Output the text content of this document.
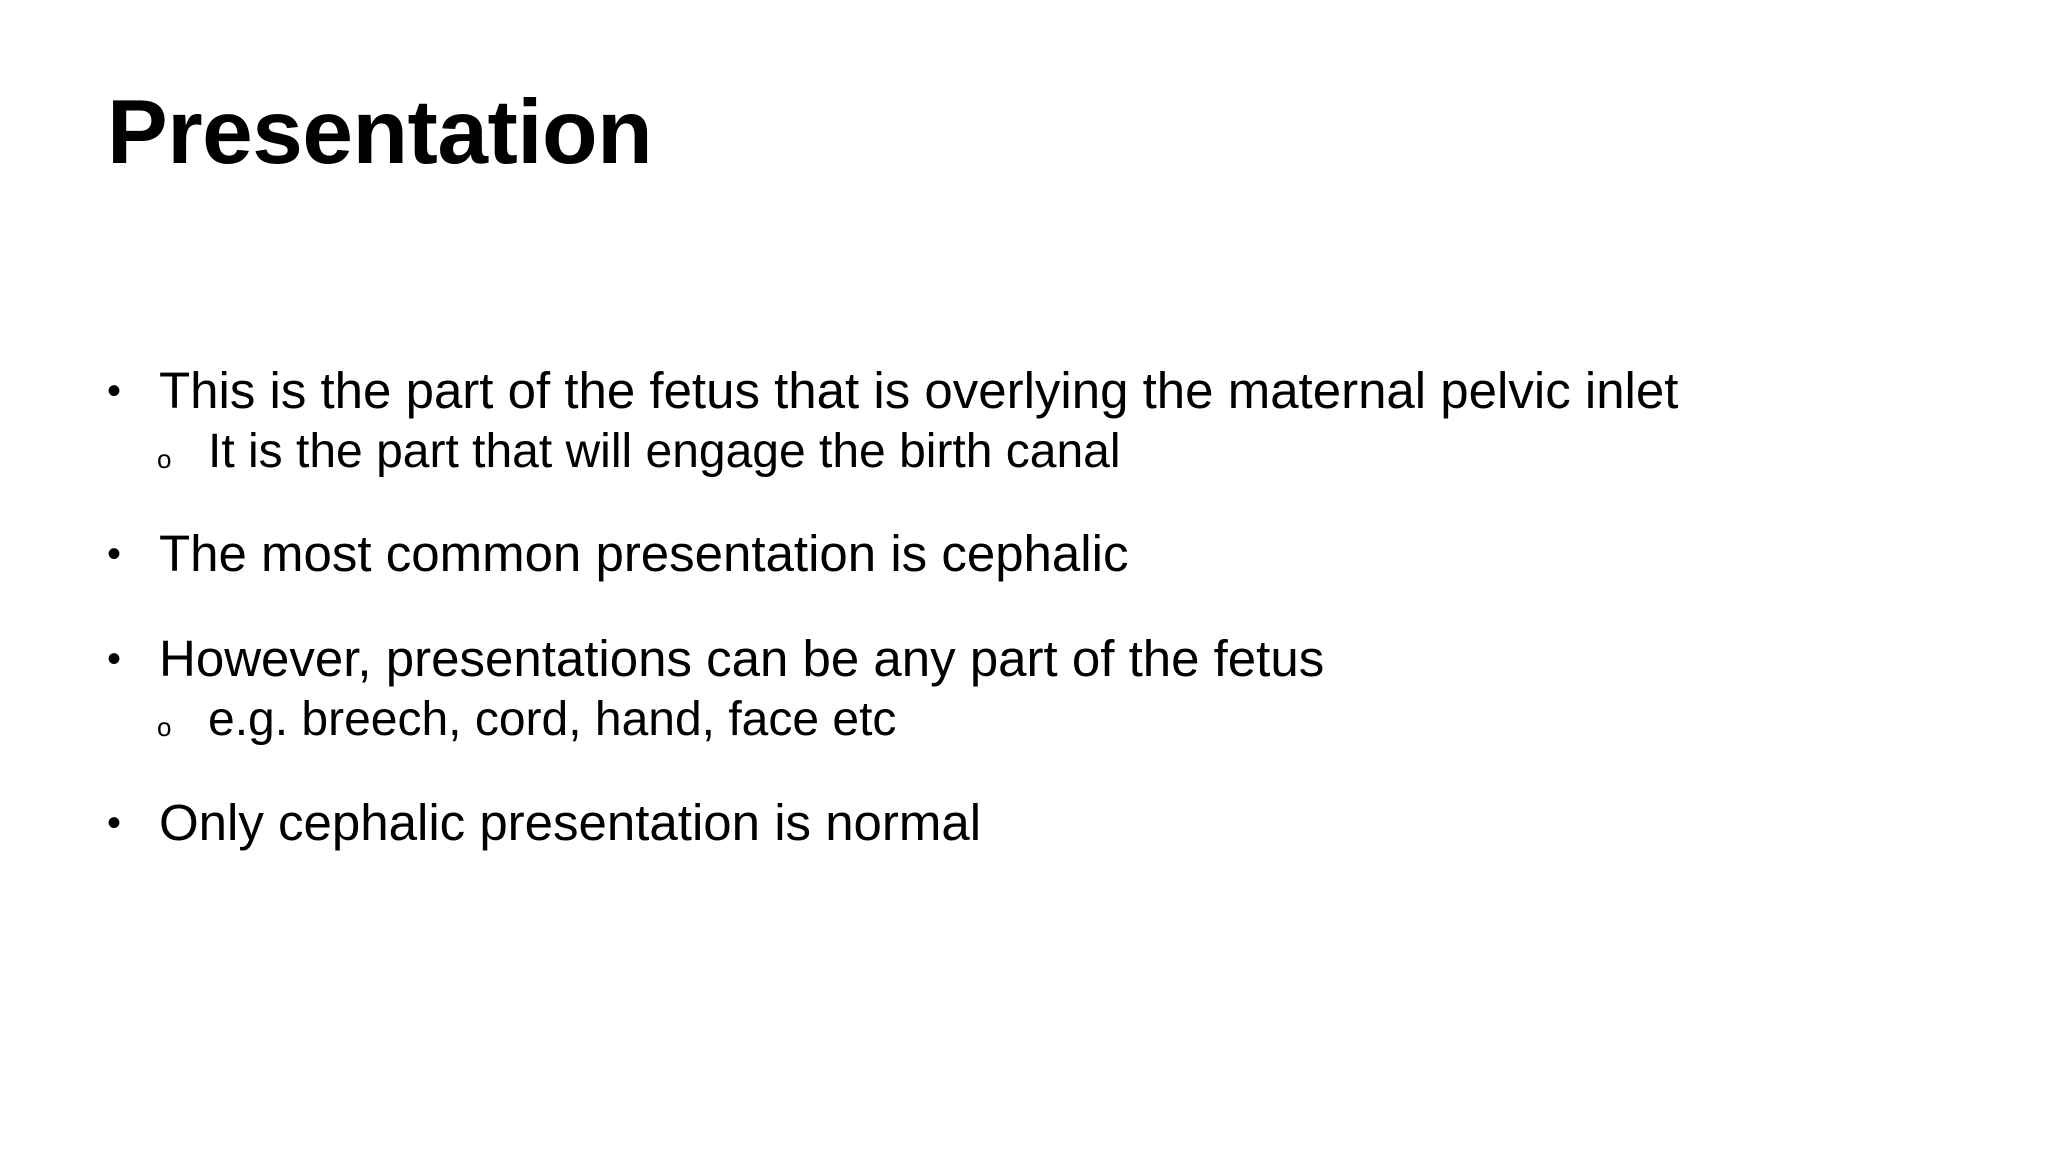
Presentation
• This is the part of the fetus that is overlying the maternal pelvic inlet
o It is the part that will engage the birth canal
• The most common presentation is cephalic
• However, presentations can be any part of the fetus
o e.g. breech, cord, hand, face etc
• Only cephalic presentation is normal
